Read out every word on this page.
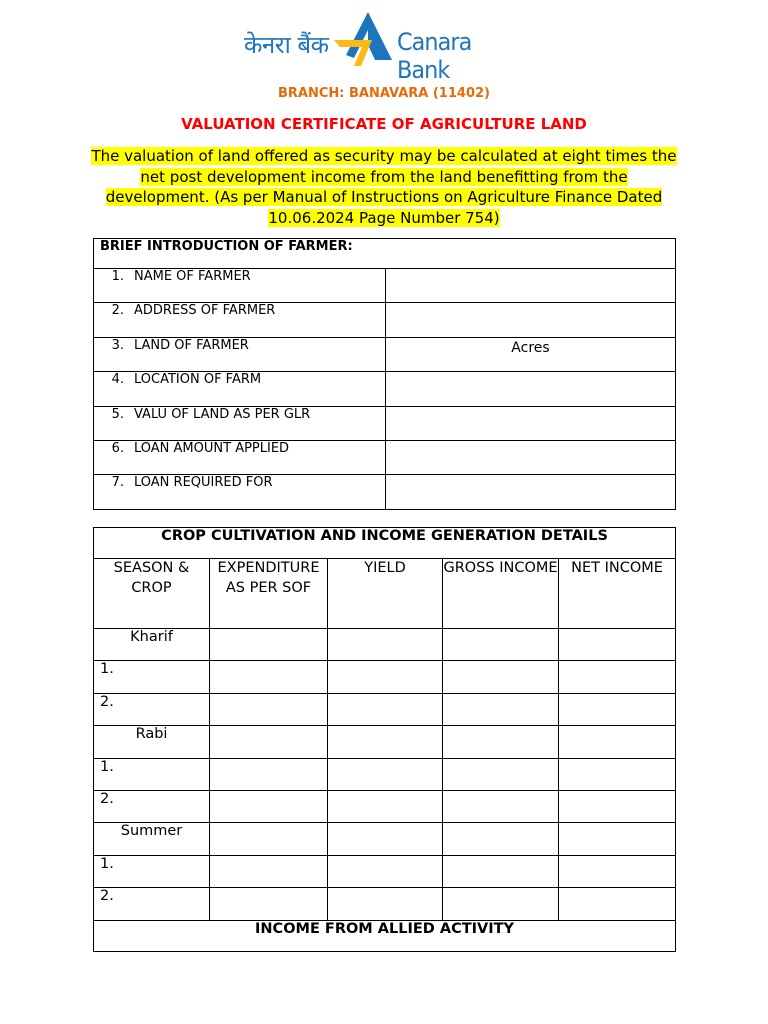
केनरा बैंक	Canara Bank
BRANCH: BANAVARA (11402)
VALUATION CERTIFICATE OF AGRICULTURE LAND
The valuation of land offered as security may be calculated at eight times the net post development income from the land benefitting from the development. (As per Manual of Instructions on Agriculture Finance Dated 10.06.2024 Page Number 754)
BRIEF INTRODUCTION OF FARMER:	
1. NAME OF FARMER	
2. ADDRESS OF FARMER	
3. LAND OF FARMER	Acres
4. LOCATION OF FARM	
5. VALU OF LAND AS PER GLR	
6. LOAN AMOUNT APPLIED	
7. LOAN REQUIRED FOR	
CROP CULTIVATION AND INCOME GENERATION DETAILS				
SEASON & CROP	EXPENDITURE AS PER SOF	YIELD	GROSS INCOME	NET INCOME
Kharif				
1.				
2.				
Rabi				
1.				
2.				
Summer				
1.				
2.				
INCOME FROM ALLIED ACTIVITY				
